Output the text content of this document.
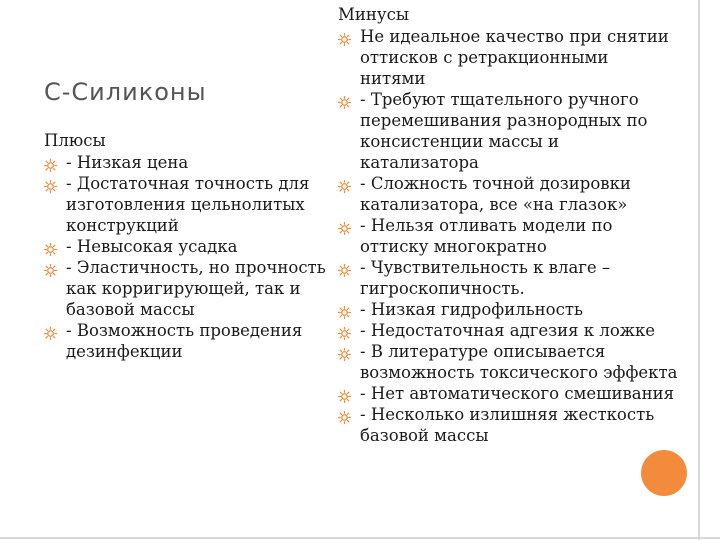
С-Силиконы
Плюсы
- Низкая цена
- Достаточная точность для изготовления цельнолитых конструкций
- Невысокая усадка
- Эластичность, но прочность как корригирующей, так и базовой массы
- Возможность проведения дезинфекции
Минусы
Не идеальное качество при снятии оттисков с ретракционными нитями
- Требуют тщательного ручного перемешивания разнородных по консистенции массы и катализатора
- Сложность точной дозировки катализатора, все «на глазок»
- Нельзя отливать модели по оттиску многократно
- Чувствительность к влаге – гигроскопичность.
- Низкая гидрофильность
- Недостаточная адгезия к ложке
- В литературе описывается возможность токсического эффекта
- Нет автоматического смешивания
- Несколько излишняя жесткость базовой массы
